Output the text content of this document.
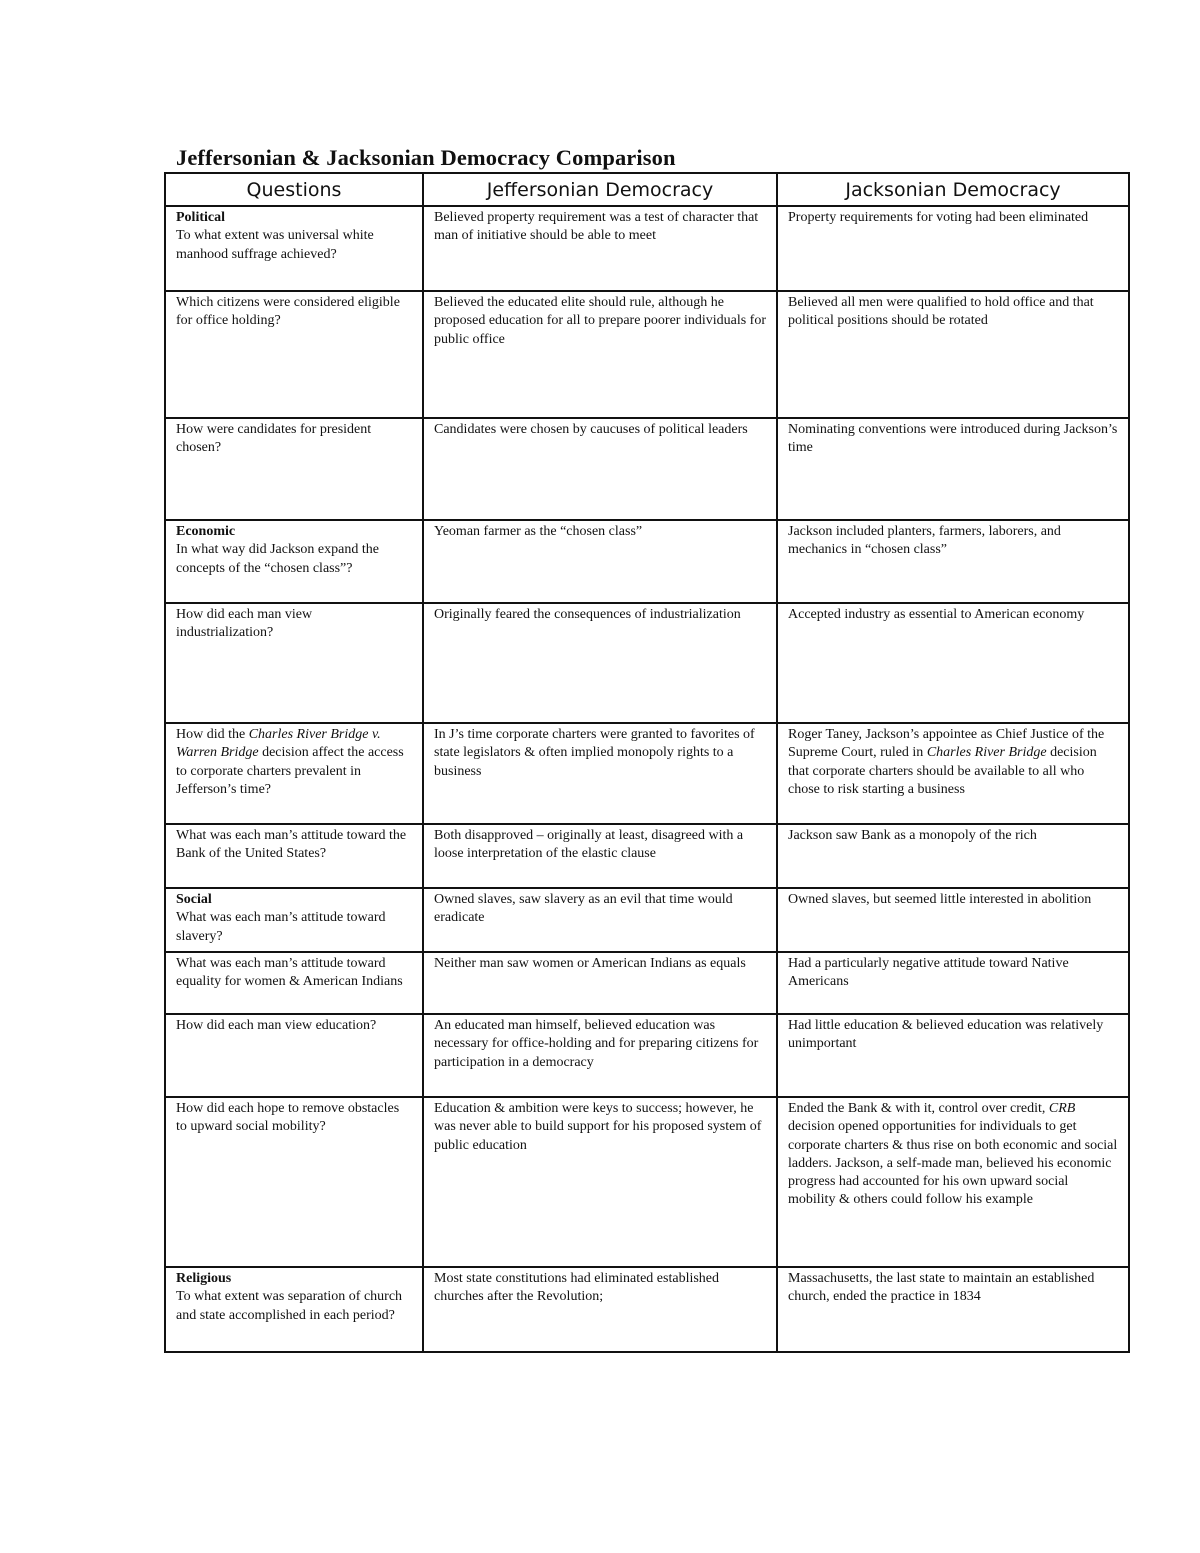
Jeffersonian & Jacksonian Democracy Comparison
Questions	Jeffersonian Democracy	Jacksonian Democracy

Political
To what extent was universal white manhood suffrage achieved?	Believed property requirement was a test of character that man of initiative should be able to meet	Property requirements for voting had been eliminated
Which citizens were considered eligible for office holding?	Believed the educated elite should rule, although he proposed education for all to prepare poorer individuals for public office	Believed all men were qualified to hold office and that political positions should be rotated
How were candidates for president chosen?	Candidates were chosen by caucuses of political leaders	Nominating conventions were introduced during Jackson’s time

Economic
In what way did Jackson expand the concepts of the “chosen class”?	Yeoman farmer as the “chosen class”	Jackson included planters, farmers, laborers, and mechanics in “chosen class”
How did each man view industrialization?	Originally feared the consequences of industrialization	Accepted industry as essential to American economy
How did the Charles River Bridge v. Warren Bridge decision affect the access to corporate charters prevalent in Jefferson’s time?	In J’s time corporate charters were granted to favorites of state legislators & often implied monopoly rights to a business	Roger Taney, Jackson’s appointee as Chief Justice of the Supreme Court, ruled in Charles River Bridge decision that corporate charters should be available to all who chose to risk starting a business
What was each man’s attitude toward the Bank of the United States?	Both disapproved – originally at least, disagreed with a loose interpretation of the elastic clause	Jackson saw Bank as a monopoly of the rich

Social
What was each man’s attitude toward slavery?	Owned slaves, saw slavery as an evil that time would eradicate	Owned slaves, but seemed little interested in abolition
What was each man’s attitude toward equality for women & American Indians	Neither man saw women or American Indians as equals	Had a particularly negative attitude toward Native Americans
How did each man view education?	An educated man himself, believed education was necessary for office-holding and for preparing citizens for participation in a democracy	Had little education & believed education was relatively unimportant
How did each hope to remove obstacles to upward social mobility?	Education & ambition were keys to success; however, he was never able to build support for his proposed system of public education	Ended the Bank & with it, control over credit, CRB decision opened opportunities for individuals to get corporate charters & thus rise on both economic and social ladders. Jackson, a self-made man, believed his economic progress had accounted for his own upward social mobility & others could follow his example

Religious
To what extent was separation of church and state accomplished in each period?	Most state constitutions had eliminated established churches after the Revolution;	Massachusetts, the last state to maintain an established church, ended the practice in 1834
